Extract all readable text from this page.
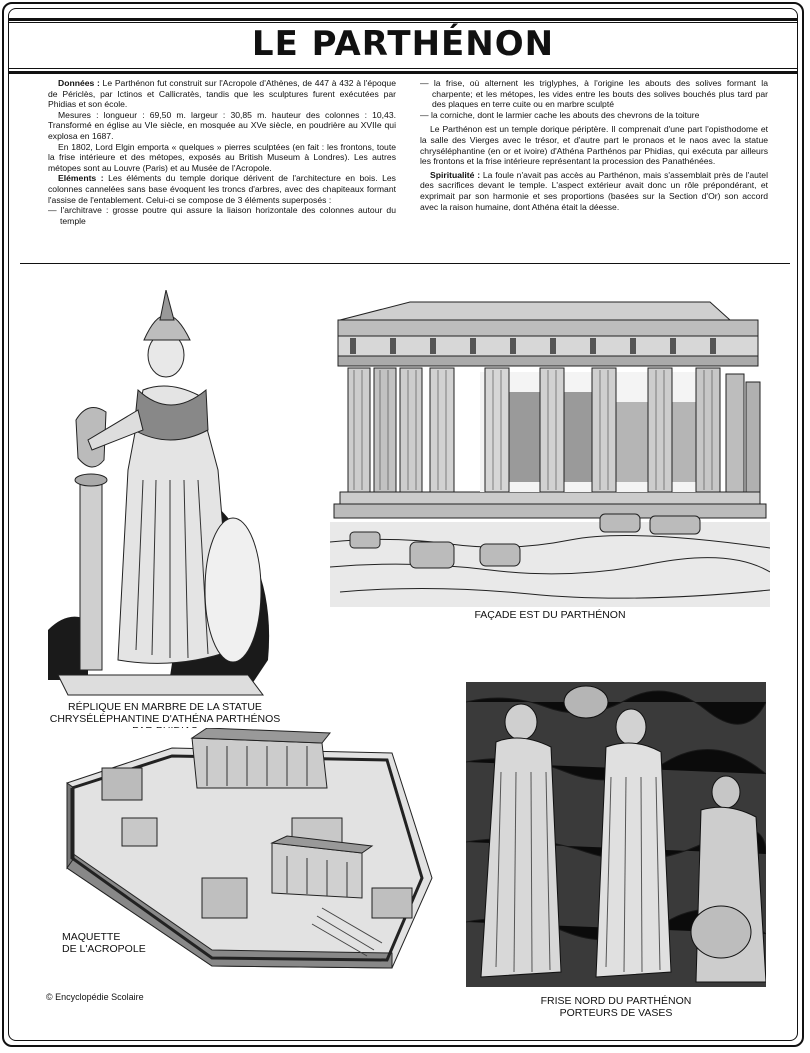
LE PARTHÉNON

Données : Le Parthénon fut construit sur l'Acropole d'Athènes, de 447 à 432 à l'époque de Périclès, par Ictinos et Callicratès, tandis que les sculptures furent exécutées par Phidias et son école.

Mesures : longueur : 69,50 m. largeur : 30,85 m. hauteur des colonnes : 10,43. Transformé en église au VIe siècle, en mosquée au XVe siècle, en poudrière au XVIIe qui explosa en 1687.

En 1802, Lord Elgin emporta « quelques » pierres sculptées (en fait : les frontons, toute la frise intérieure et des métopes, exposés au British Museum à Londres). Les autres métopes sont au Louvre (Paris) et au Musée de l'Acropole.

Eléments : Les éléments du temple dorique dérivent de l'architecture en bois. Les colonnes cannelées sans base évoquent les troncs d'arbres, avec des chapiteaux formant l'assise de l'entablement. Celui-ci se compose de 3 éléments superposés :

— l'architrave : grosse poutre qui assure la liaison horizontale des colonnes autour du temple
— la frise, où alternent les triglyphes, à l'origine les abouts des solives formant la charpente; et les métopes, les vides entre les bouts des solives bouchés plus tard par des plaques en terre cuite ou en marbre sculpté
— la corniche, dont le larmier cache les abouts des chevrons de la toiture

Le Parthénon est un temple dorique périptère. Il comprenait d'une part l'opisthodome et la salle des Vierges avec le trésor, et d'autre part le pronaos et le naos avec la statue chryséléphantine (en or et ivoire) d'Athéna Parthénos par Phidias, qui exécuta par ailleurs les frontons et la frise intérieure représentant la procession des Panathénées.

Spiritualité : La foule n'avait pas accès au Parthénon, mais s'assemblait près de l'autel des sacrifices devant le temple. L'aspect extérieur avait donc un rôle prépondérant, et exprimait par son harmonie et ses proportions (basées sur la Section d'Or) son accord avec la raison humaine, dont Athéna était la déesse.

FAÇADE EST DU PARTHÉNON
RÉPLIQUE EN MARBRE DE LA STATUE
CHRYSÉLÉPHANTINE D'ATHÉNA PARTHÉNOS
MAQUETTE
DE L'ACROPOLE
FRISE NORD DU PARTHÉNON
PORTEURS DE VASES
© Encyclopédie Scolaire
